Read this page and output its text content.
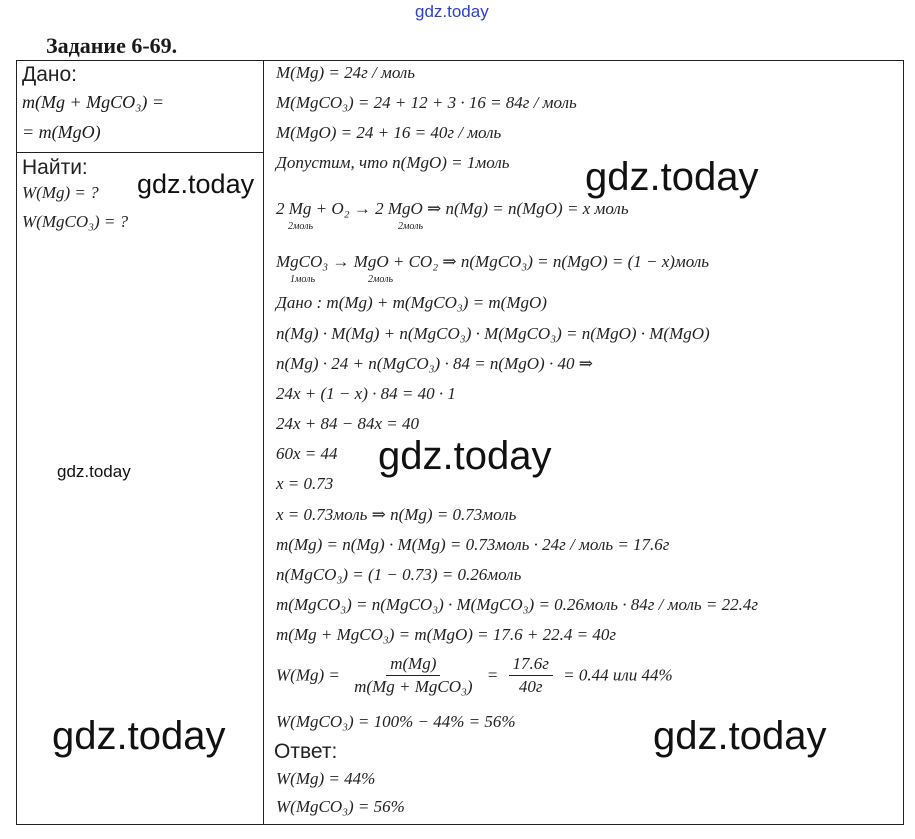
gdz.today
Задание 6-69.
Дано:
m(Mg + MgCO₃) =
= m(MgO)
Найти:
W(Mg) = ?
W(MgCO₃) = ?
M(Mg) = 24г / моль
M(MgCO₃) = 24 + 12 + 3 · 16 = 84г / моль
M(MgO) = 24 + 16 = 40г / моль
Допустим, что n(MgO) = 1моль
2 Mg + O₂ → 2 MgO ⇒ n(Mg) = n(MgO) = x моль
2моль	2моль
MgCO₃ → MgO + CO₂ ⇒ n(MgCO₃) = n(MgO) = (1 − x)моль
1моль	2моль
Дано : m(Mg) + m(MgCO₃) = m(MgO)
n(Mg) · M(Mg) + n(MgCO₃) · M(MgCO₃) = n(MgO) · M(MgO)
n(Mg) · 24 + n(MgCO₃) · 84 = n(MgO) · 40 ⇒
24x + (1 − x) · 84 = 40 · 1
24x + 84 − 84x = 40
60x = 44
x = 0.73
x = 0.73моль ⇒ n(Mg) = 0.73моль
m(Mg) = n(Mg) · M(Mg) = 0.73моль · 24г / моль = 17.6г
n(MgCO₃) = (1 − 0.73) = 0.26моль
m(MgCO₃) = n(MgCO₃) · M(MgCO₃) = 0.26моль · 84г / моль = 22.4г
m(Mg + MgCO₃) = m(MgO) = 17.6 + 22.4 = 40г
$W(Mg) = \frac{m(Mg)}{\text{m(Mg + MgCO₃)}} = \frac{17.6г}{40г} = 0.44$ или 44%
W(MgCO₃) = 100% − 44% = 56%
Ответ:
W(Mg) = 44%
W(MgCO₃) = 56%
gdz.today	gdz.today
gdz.today
gdz.today
gdz.today	gdz.today
